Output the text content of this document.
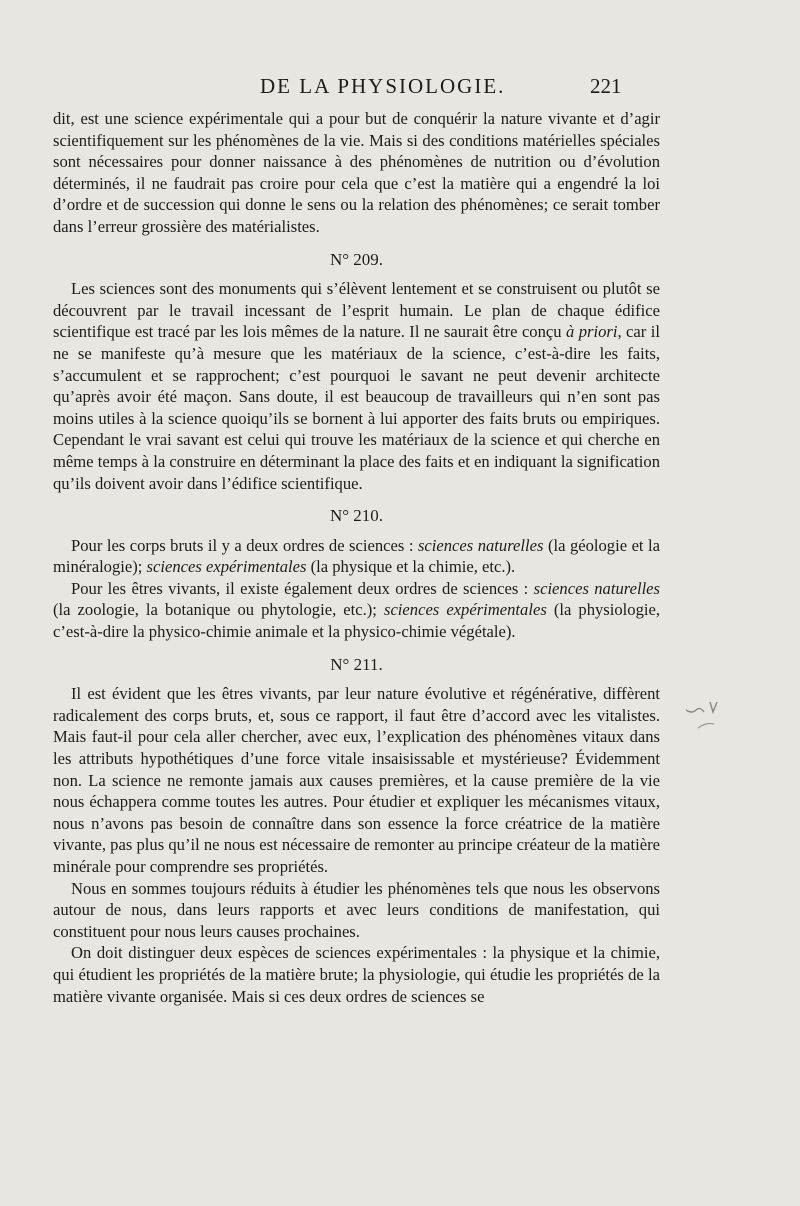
DE LA PHYSIOLOGIE.	221

dit, est une science expérimentale qui a pour but de conquérir la nature vivante et d’agir scientifiquement sur les phénomènes de la vie. Mais si des conditions matérielles spéciales sont nécessaires pour donner naissance à des phénomènes de nutrition ou d’évolution déterminés, il ne faudrait pas croire pour cela que c’est la matière qui a engendré la loi d’ordre et de succession qui donne le sens ou la relation des phénomènes; ce serait tomber dans l’erreur grossière des matérialistes.

N° 209.

Les sciences sont des monuments qui s’élèvent lentement et se construisent ou plutôt se découvrent par le travail incessant de l’esprit humain. Le plan de chaque édifice scientifique est tracé par les lois mêmes de la nature. Il ne saurait être conçu à priori, car il ne se manifeste qu’à mesure que les matériaux de la science, c’est-à-dire les faits, s’accumulent et se rapprochent; c’est pourquoi le savant ne peut devenir architecte qu’après avoir été maçon. Sans doute, il est beaucoup de travailleurs qui n’en sont pas moins utiles à la science quoiqu’ils se bornent à lui apporter des faits bruts ou empiriques. Cependant le vrai savant est celui qui trouve les matériaux de la science et qui cherche en même temps à la construire en déterminant la place des faits et en indiquant la signification qu’ils doivent avoir dans l’édifice scientifique.

N° 210.

Pour les corps bruts il y a deux ordres de sciences : sciences naturelles (la géologie et la minéralogie); sciences expérimentales (la physique et la chimie, etc.).

Pour les êtres vivants, il existe également deux ordres de sciences : sciences naturelles (la zoologie, la botanique ou phytologie, etc.); sciences expérimentales (la physiologie, c’est-à-dire la physico-chimie animale et la physico-chimie végétale).

N° 211.

Il est évident que les êtres vivants, par leur nature évolutive et régénérative, diffèrent radicalement des corps bruts, et, sous ce rapport, il faut être d’accord avec les vitalistes. Mais faut-il pour cela aller chercher, avec eux, l’explication des phénomènes vitaux dans les attributs hypothétiques d’une force vitale insaisissable et mystérieuse? Évidemment non. La science ne remonte jamais aux causes premières, et la cause première de la vie nous échappera comme toutes les autres. Pour étudier et expliquer les mécanismes vitaux, nous n’avons pas besoin de connaître dans son essence la force créatrice de la matière vivante, pas plus qu’il ne nous est nécessaire de remonter au principe créateur de la matière minérale pour comprendre ses propriétés.

Nous en sommes toujours réduits à étudier les phénomènes tels que nous les observons autour de nous, dans leurs rapports et avec leurs conditions de manifestation, qui constituent pour nous leurs causes prochaines.

On doit distinguer deux espèces de sciences expérimentales : la physique et la chimie, qui étudient les propriétés de la matière brute; la physiologie, qui étudie les propriétés de la matière vivante organisée. Mais si ces deux ordres de sciences se
